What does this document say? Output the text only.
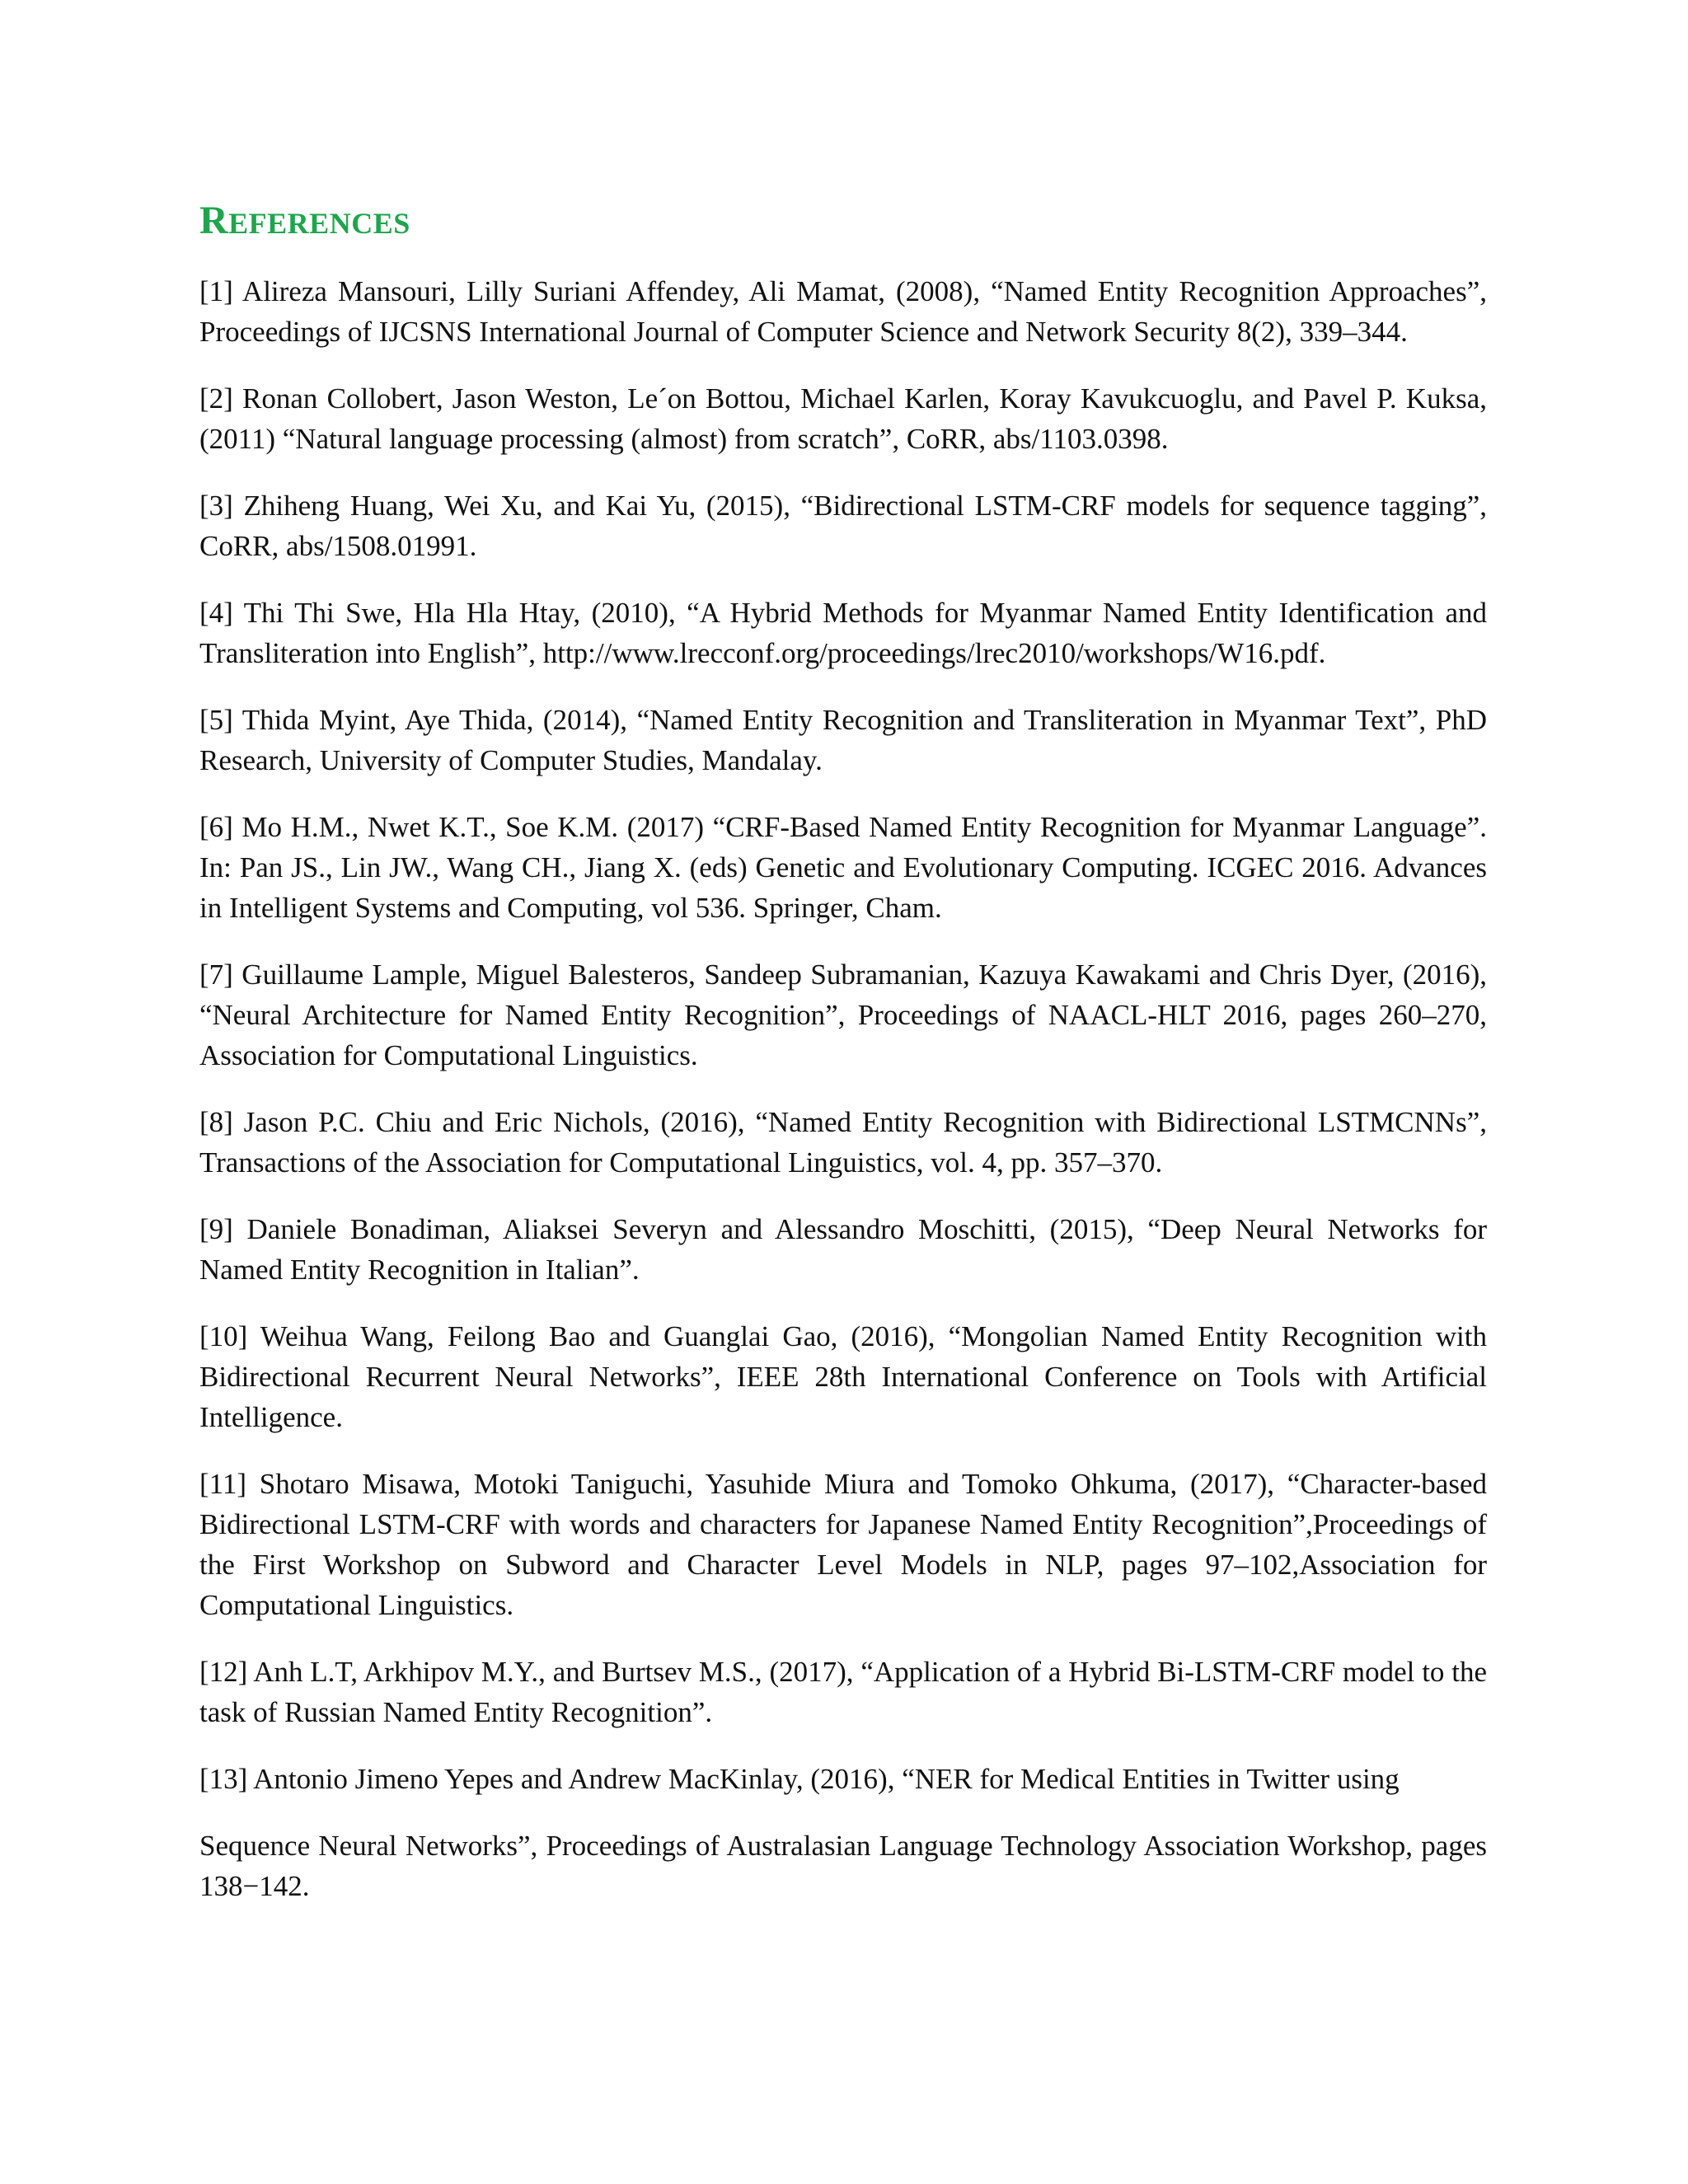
REFERENCES

[1] Alireza Mansouri, Lilly Suriani Affendey, Ali Mamat, (2008), “Named Entity Recognition Approaches”, Proceedings of IJCSNS International Journal of Computer Science and Network Security 8(2), 339–344.

[2] Ronan Collobert, Jason Weston, Le´on Bottou, Michael Karlen, Koray Kavukcuoglu, and Pavel P. Kuksa, (2011) “Natural language processing (almost) from scratch”, CoRR, abs/1103.0398.

[3] Zhiheng Huang, Wei Xu, and Kai Yu, (2015), “Bidirectional LSTM-CRF models for sequence tagging”, CoRR, abs/1508.01991.

[4] Thi Thi Swe, Hla Hla Htay, (2010), “A Hybrid Methods for Myanmar Named Entity Identification and Transliteration into English”, http://www.lrecconf.org/proceedings/lrec2010/workshops/W16.pdf.

[5] Thida Myint, Aye Thida, (2014), “Named Entity Recognition and Transliteration in Myanmar Text”, PhD Research, University of Computer Studies, Mandalay.

[6] Mo H.M., Nwet K.T., Soe K.M. (2017) “CRF-Based Named Entity Recognition for Myanmar Language”. In: Pan JS., Lin JW., Wang CH., Jiang X. (eds) Genetic and Evolutionary Computing. ICGEC 2016. Advances in Intelligent Systems and Computing, vol 536. Springer, Cham.

[7] Guillaume Lample, Miguel Balesteros, Sandeep Subramanian, Kazuya Kawakami and Chris Dyer, (2016), “Neural Architecture for Named Entity Recognition”, Proceedings of NAACL-HLT 2016, pages 260–270, Association for Computational Linguistics.

[8] Jason P.C. Chiu and Eric Nichols, (2016), “Named Entity Recognition with Bidirectional LSTMCNNs”, Transactions of the Association for Computational Linguistics, vol. 4, pp. 357–370.

[9] Daniele Bonadiman, Aliaksei Severyn and Alessandro Moschitti, (2015), “Deep Neural Networks for Named Entity Recognition in Italian”.

[10] Weihua Wang, Feilong Bao and Guanglai Gao, (2016), “Mongolian Named Entity Recognition with Bidirectional Recurrent Neural Networks”, IEEE 28th International Conference on Tools with Artificial Intelligence.

[11] Shotaro Misawa, Motoki Taniguchi, Yasuhide Miura and Tomoko Ohkuma, (2017), “Character-based Bidirectional LSTM-CRF with words and characters for Japanese Named Entity Recognition”,Proceedings of the First Workshop on Subword and Character Level Models in NLP, pages 97–102,Association for Computational Linguistics.

[12] Anh L.T, Arkhipov M.Y., and Burtsev M.S., (2017), “Application of a Hybrid Bi-LSTM-CRF model to the task of Russian Named Entity Recognition”.

[13] Antonio Jimeno Yepes and Andrew MacKinlay, (2016), “NER for Medical Entities in Twitter using

Sequence Neural Networks”, Proceedings of Australasian Language Technology Association Workshop, pages 138−142.
